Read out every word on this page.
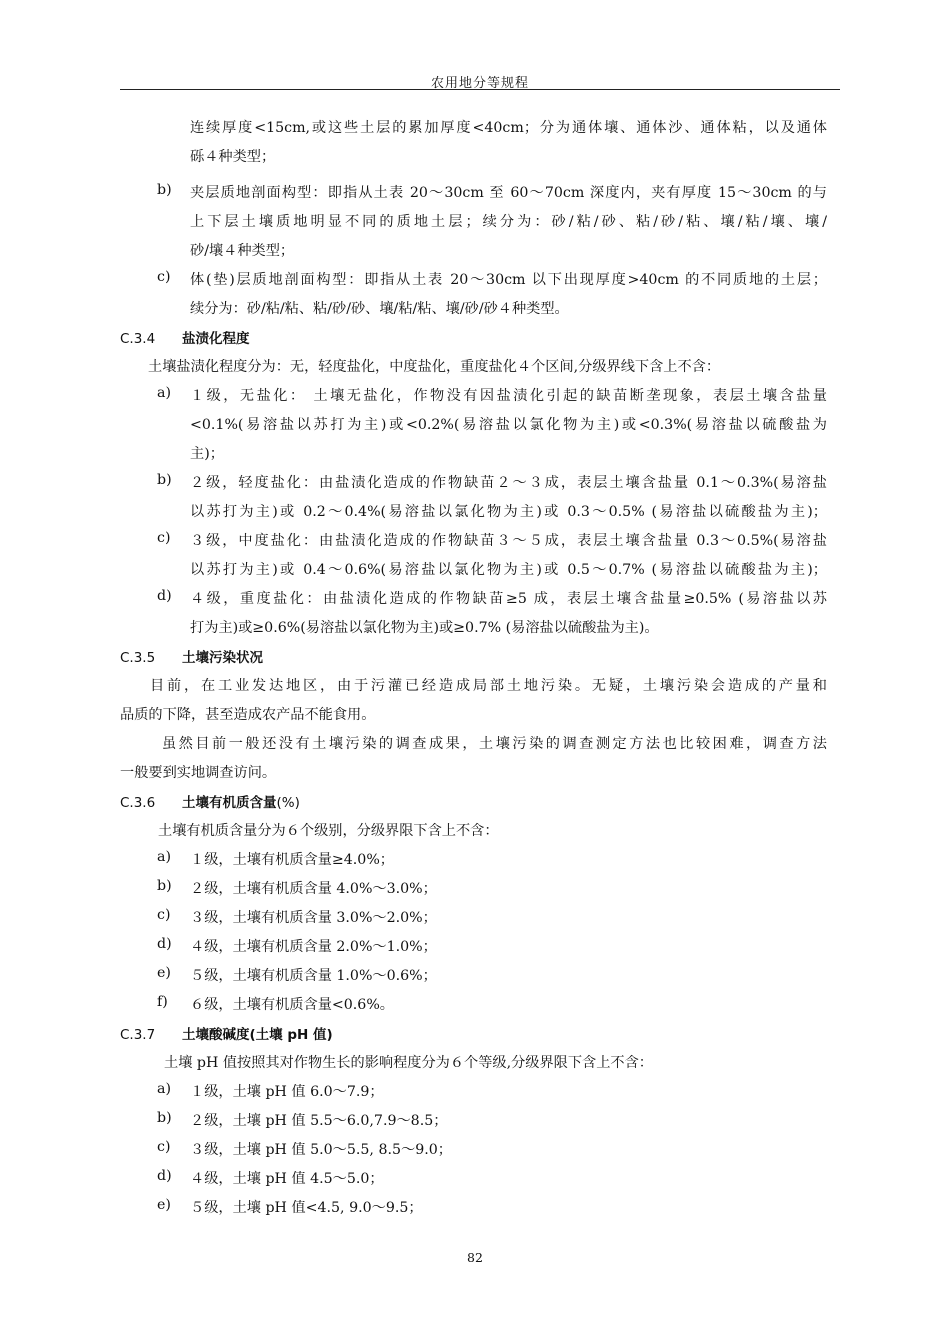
农用地分等规程
连续厚度<15cm,或这些土层的累加厚度<40cm；分为通体壤、通体沙、通体粘，以及通体
砾４种类型；
b) 夹层质地剖面构型：即指从土表 20～30cm 至 60～70cm 深度内，夹有厚度 15～30cm 的与
上下层土壤质地明显不同的质地土层；续分为：砂/粘/砂、粘/砂/粘、壤/粘/壤、壤/
砂/壤４种类型；
c) 体(垫)层质地剖面构型：即指从土表 20～30cm 以下出现厚度>40cm 的不同质地的土层；
续分为：砂/粘/粘、粘/砂/砂、壤/粘/粘、壤/砂/砂４种类型。
C.3.4 盐渍化程度
土壤盐渍化程度分为：无，轻度盐化，中度盐化，重度盐化４个区间,分级界线下含上不含：
a) １级，无盐化： 土壤无盐化，作物没有因盐渍化引起的缺苗断垄现象，表层土壤含盐量
<0.1%(易溶盐以苏打为主)或<0.2%(易溶盐以氯化物为主)或<0.3%(易溶盐以硫酸盐为
主)；
b) ２级，轻度盐化：由盐渍化造成的作物缺苗２～３成，表层土壤含盐量 0.1～0.3%(易溶盐
以苏打为主)或 0.2～0.4%(易溶盐以氯化物为主)或 0.3～0.5% (易溶盐以硫酸盐为主)；
c) ３级，中度盐化：由盐渍化造成的作物缺苗３～５成，表层土壤含盐量 0.3～0.5%(易溶盐
以苏打为主)或 0.4～0.6%(易溶盐以氯化物为主)或 0.5～0.7% (易溶盐以硫酸盐为主)；
d) ４级，重度盐化：由盐渍化造成的作物缺苗≥5 成，表层土壤含盐量≥0.5% (易溶盐以苏
打为主)或≥0.6%(易溶盐以氯化物为主)或≥0.7% (易溶盐以硫酸盐为主)。
C.3.5 土壤污染状况
目前，在工业发达地区，由于污灌已经造成局部土地污染。无疑，土壤污染会造成的产量和
品质的下降，甚至造成农产品不能食用。
虽然目前一般还没有土壤污染的调查成果，土壤污染的调查测定方法也比较困难，调查方法
一般要到实地调查访问。
C.3.6 土壤有机质含量(%)
土壤有机质含量分为６个级别，分级界限下含上不含：
a) １级，土壤有机质含量≥4.0%；
b) ２级，土壤有机质含量 4.0%～3.0%；
c) ３级，土壤有机质含量 3.0%～2.0%；
d) ４级，土壤有机质含量 2.0%～1.0%；
e) ５级，土壤有机质含量 1.0%～0.6%；
f) ６级，土壤有机质含量<0.6%。
C.3.7 土壤酸碱度(土壤 pH 值)
土壤 pH 值按照其对作物生长的影响程度分为６个等级,分级界限下含上不含：
a) １级，土壤 pH 值 6.0～7.9；
b) ２级，土壤 pH 值 5.5～6.0,7.9～8.5；
c) ３级，土壤 pH 值 5.0～5.5, 8.5～9.0；
d) ４级，土壤 pH 值 4.5～5.0；
e) ５级，土壤 pH 值<4.5, 9.0～9.5；
82
